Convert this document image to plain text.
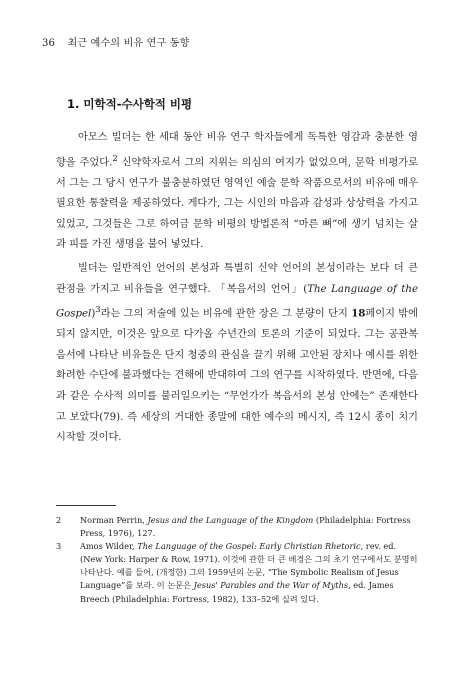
36 최근 예수의 비유 연구 동향
1. 미학적-수사학적 비평

아모스 빌더는 한 세대 동안 비유 연구 학자들에게 독특한 영감과 충분한 영향을 주었다.$^2$ 신약학자로서 그의 지위는 의심의 여지가 없었으며, 문학 비평가로서 그는 그 당시 연구가 불충분하였던 영역인 예술 문학 작품으로서의 비유에 매우 필요한 통찰력을 제공하였다. 게다가, 그는 시인의 마음과 감성과 상상력을 가지고 있었고, 그것들은 그로 하여금 문학 비평의 방법론적 “마른 뼈”에 생기 넘치는 살과 피를 가진 생명을 불어 넣었다.

빌더는 일반적인 언어의 본성과 특별히 신약 언어의 본성이라는 보다 더 큰 관점을 가지고 비유들을 연구했다. 「복음서의 언어」(The Language of the Gospel)$^3$라는 그의 저술에 있는 비유에 관한 장은 그 분량이 단지 18페이지 밖에 되지 않지만, 이것은 앞으로 다가올 수년간의 토론의 기준이 되었다. 그는 공관복음서에 나타난 비유들은 단지 청중의 관심을 끌기 위해 고안된 장치나 예시를 위한 화려한 수단에 불과했다는 견해에 반대하여 그의 연구를 시작하였다. 반면에, 다음과 같은 수사적 의미를 불러일으키는 “무언가가 복음서의 본성 안에는” 존재한다고 보았다(79). 즉 세상의 거대한 종말에 대한 예수의 메시지, 즉 12시 종이 치기 시작할 것이다.

2	Norman Perrin, Jesus and the Language of the Kingdom (Philadelphia: Fortress Press, 1976), 127.
3	Amos Wilder, The Language of the Gospel: Early Christian Rhetoric, rev. ed. (New York: Harper & Row, 1971). 이것에 관한 더 큰 배경은 그의 초기 연구에서도 분명히 나타난다. 예를 들어, (개정한) 그의 1959년의 논문, “The Symbolic Realism of Jesus Language”를 보라. 이 논문은 Jesus' Parables and the War of Myths, ed. James Breech (Philadelphia: Fortress, 1982), 133–52에 실려 있다.
